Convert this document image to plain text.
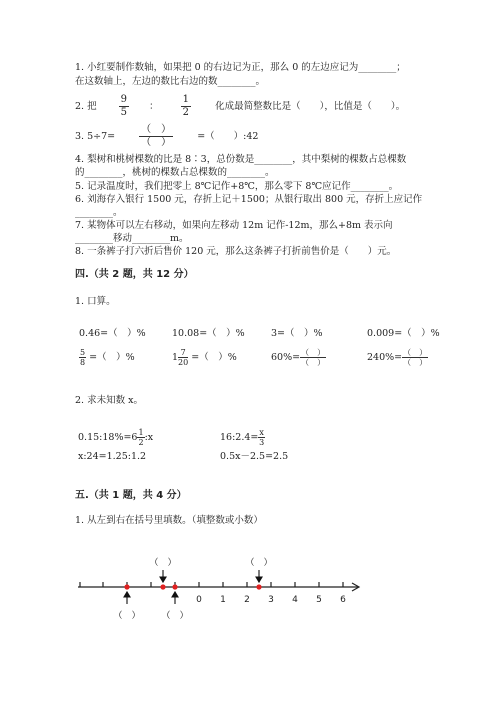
1. 小红要制作数轴，如果把 0 的右边记为正，那么 0 的左边应记为________；
在这数轴上，左边的数比右边的数________。
2. 把 $\frac{9}{5}$ ： $\frac{1}{2}$	化成最简整数比是（　　），比值是（　　）。
3. 5÷7=
（　）
（　）
=（　　）:42
4. 梨树和桃树棵数的比是 8∶3，总份数是________，其中梨树的棵数占总棵数
的________，桃树的棵数占总棵数的________。
5. 记录温度时，我们把零上 8℃记作+8℃，那么零下 8℃应记作________。
6. 刘海存入银行 1500 元，存折上记＋1500；从银行取出 800 元，存折上应记作
________。
7. 某物体可以左右移动，如果向左移动 12m 记作-12m，那么+8m 表示向
________移动________m。
8. 一条裤子打六折后售价 120 元，那么这条裤子打折前售价是（　　）元。
四.（共 2 题，共 12 分）
1. 口算。
0.46=（　）%	10.08=（　）%	3=（　）%	0.009=（　）%
$\frac{5}{8}$ =（　）%	$1 \frac{7}{20}$ =（　）%	$60\%= \frac{( )}{( )}$	$240\%= \frac{( )}{( )}$
2. 求未知数 x。
0.15:18%=6 $\frac{1}{2}$ :x	16:2.4= $\frac{x}{3}$
x:24=1.25:1.2	0.5x－2.5=2.5
五.（共 1 题，共 4 分）
1. 从左到右在括号里填数。（填整数或小数）
0 1 2 3 4 5 6
（　）	（　）
（　） （　）
